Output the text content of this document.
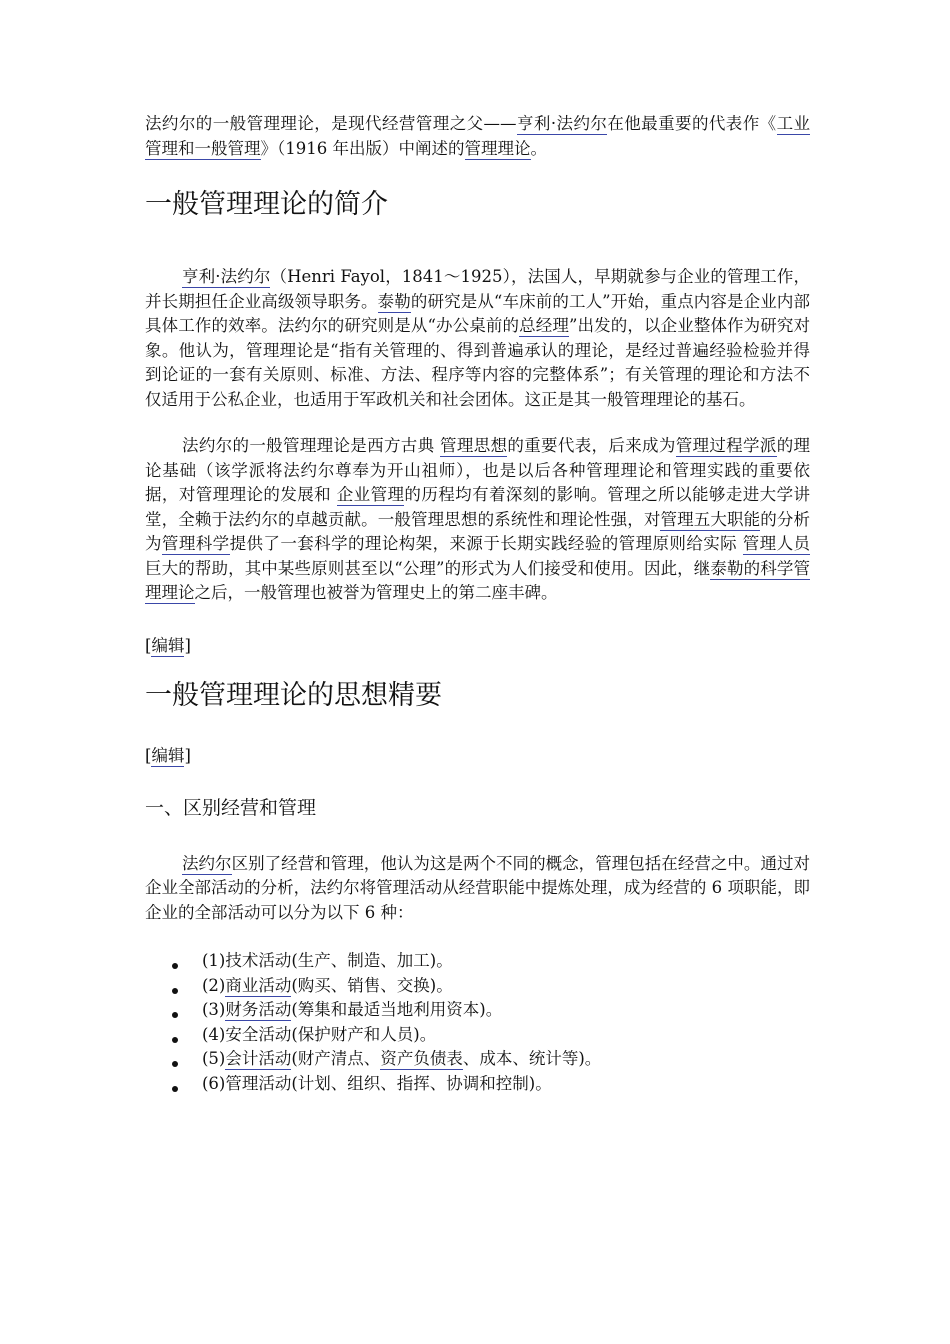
法约尔的一般管理理论，是现代经营管理之父——亨利·法约尔在他最重要的代表作《工业管理和一般管理》（1916 年出版）中阐述的管理理论。

一般管理理论的简介

亨利·法约尔（Henri Fayol，1841～1925），法国人，早期就参与企业的管理工作，并长期担任企业高级领导职务。泰勒的研究是从“车床前的工人”开始，重点内容是企业内部具体工作的效率。法约尔的研究则是从“办公桌前的总经理”出发的，以企业整体作为研究对象。他认为，管理理论是“指有关管理的、得到普遍承认的理论，是经过普遍经验检验并得到论证的一套有关原则、标准、方法、程序等内容的完整体系”；有关管理的理论和方法不仅适用于公私企业，也适用于军政机关和社会团体。这正是其一般管理理论的基石。

法约尔的一般管理理论是西方古典 管理思想的重要代表，后来成为管理过程学派的理论基础（该学派将法约尔尊奉为开山祖师），也是以后各种管理理论和管理实践的重要依据，对管理理论的发展和 企业管理的历程均有着深刻的影响。管理之所以能够走进大学讲堂，全赖于法约尔的卓越贡献。一般管理思想的系统性和理论性强，对管理五大职能的分析为管理科学提供了一套科学的理论构架，来源于长期实践经验的管理原则给实际 管理人员巨大的帮助，其中某些原则甚至以“公理”的形式为人们接受和使用。因此，继泰勒的科学管理理论之后，一般管理也被誉为管理史上的第二座丰碑。

[编辑]

一般管理理论的思想精要

[编辑]

一、区别经营和管理

法约尔区别了经营和管理，他认为这是两个不同的概念，管理包括在经营之中。通过对企业全部活动的分析，法约尔将管理活动从经营职能中提炼处理，成为经营的 6 项职能，即企业的全部活动可以分为以下 6 种：

(1)技术活动(生产、制造、加工)。
(2)商业活动(购买、销售、交换)。
(3)财务活动(筹集和最适当地利用资本)。
(4)安全活动(保护财产和人员)。
(5)会计活动(财产清点、资产负债表、成本、统计等)。
(6)管理活动(计划、组织、指挥、协调和控制)。
